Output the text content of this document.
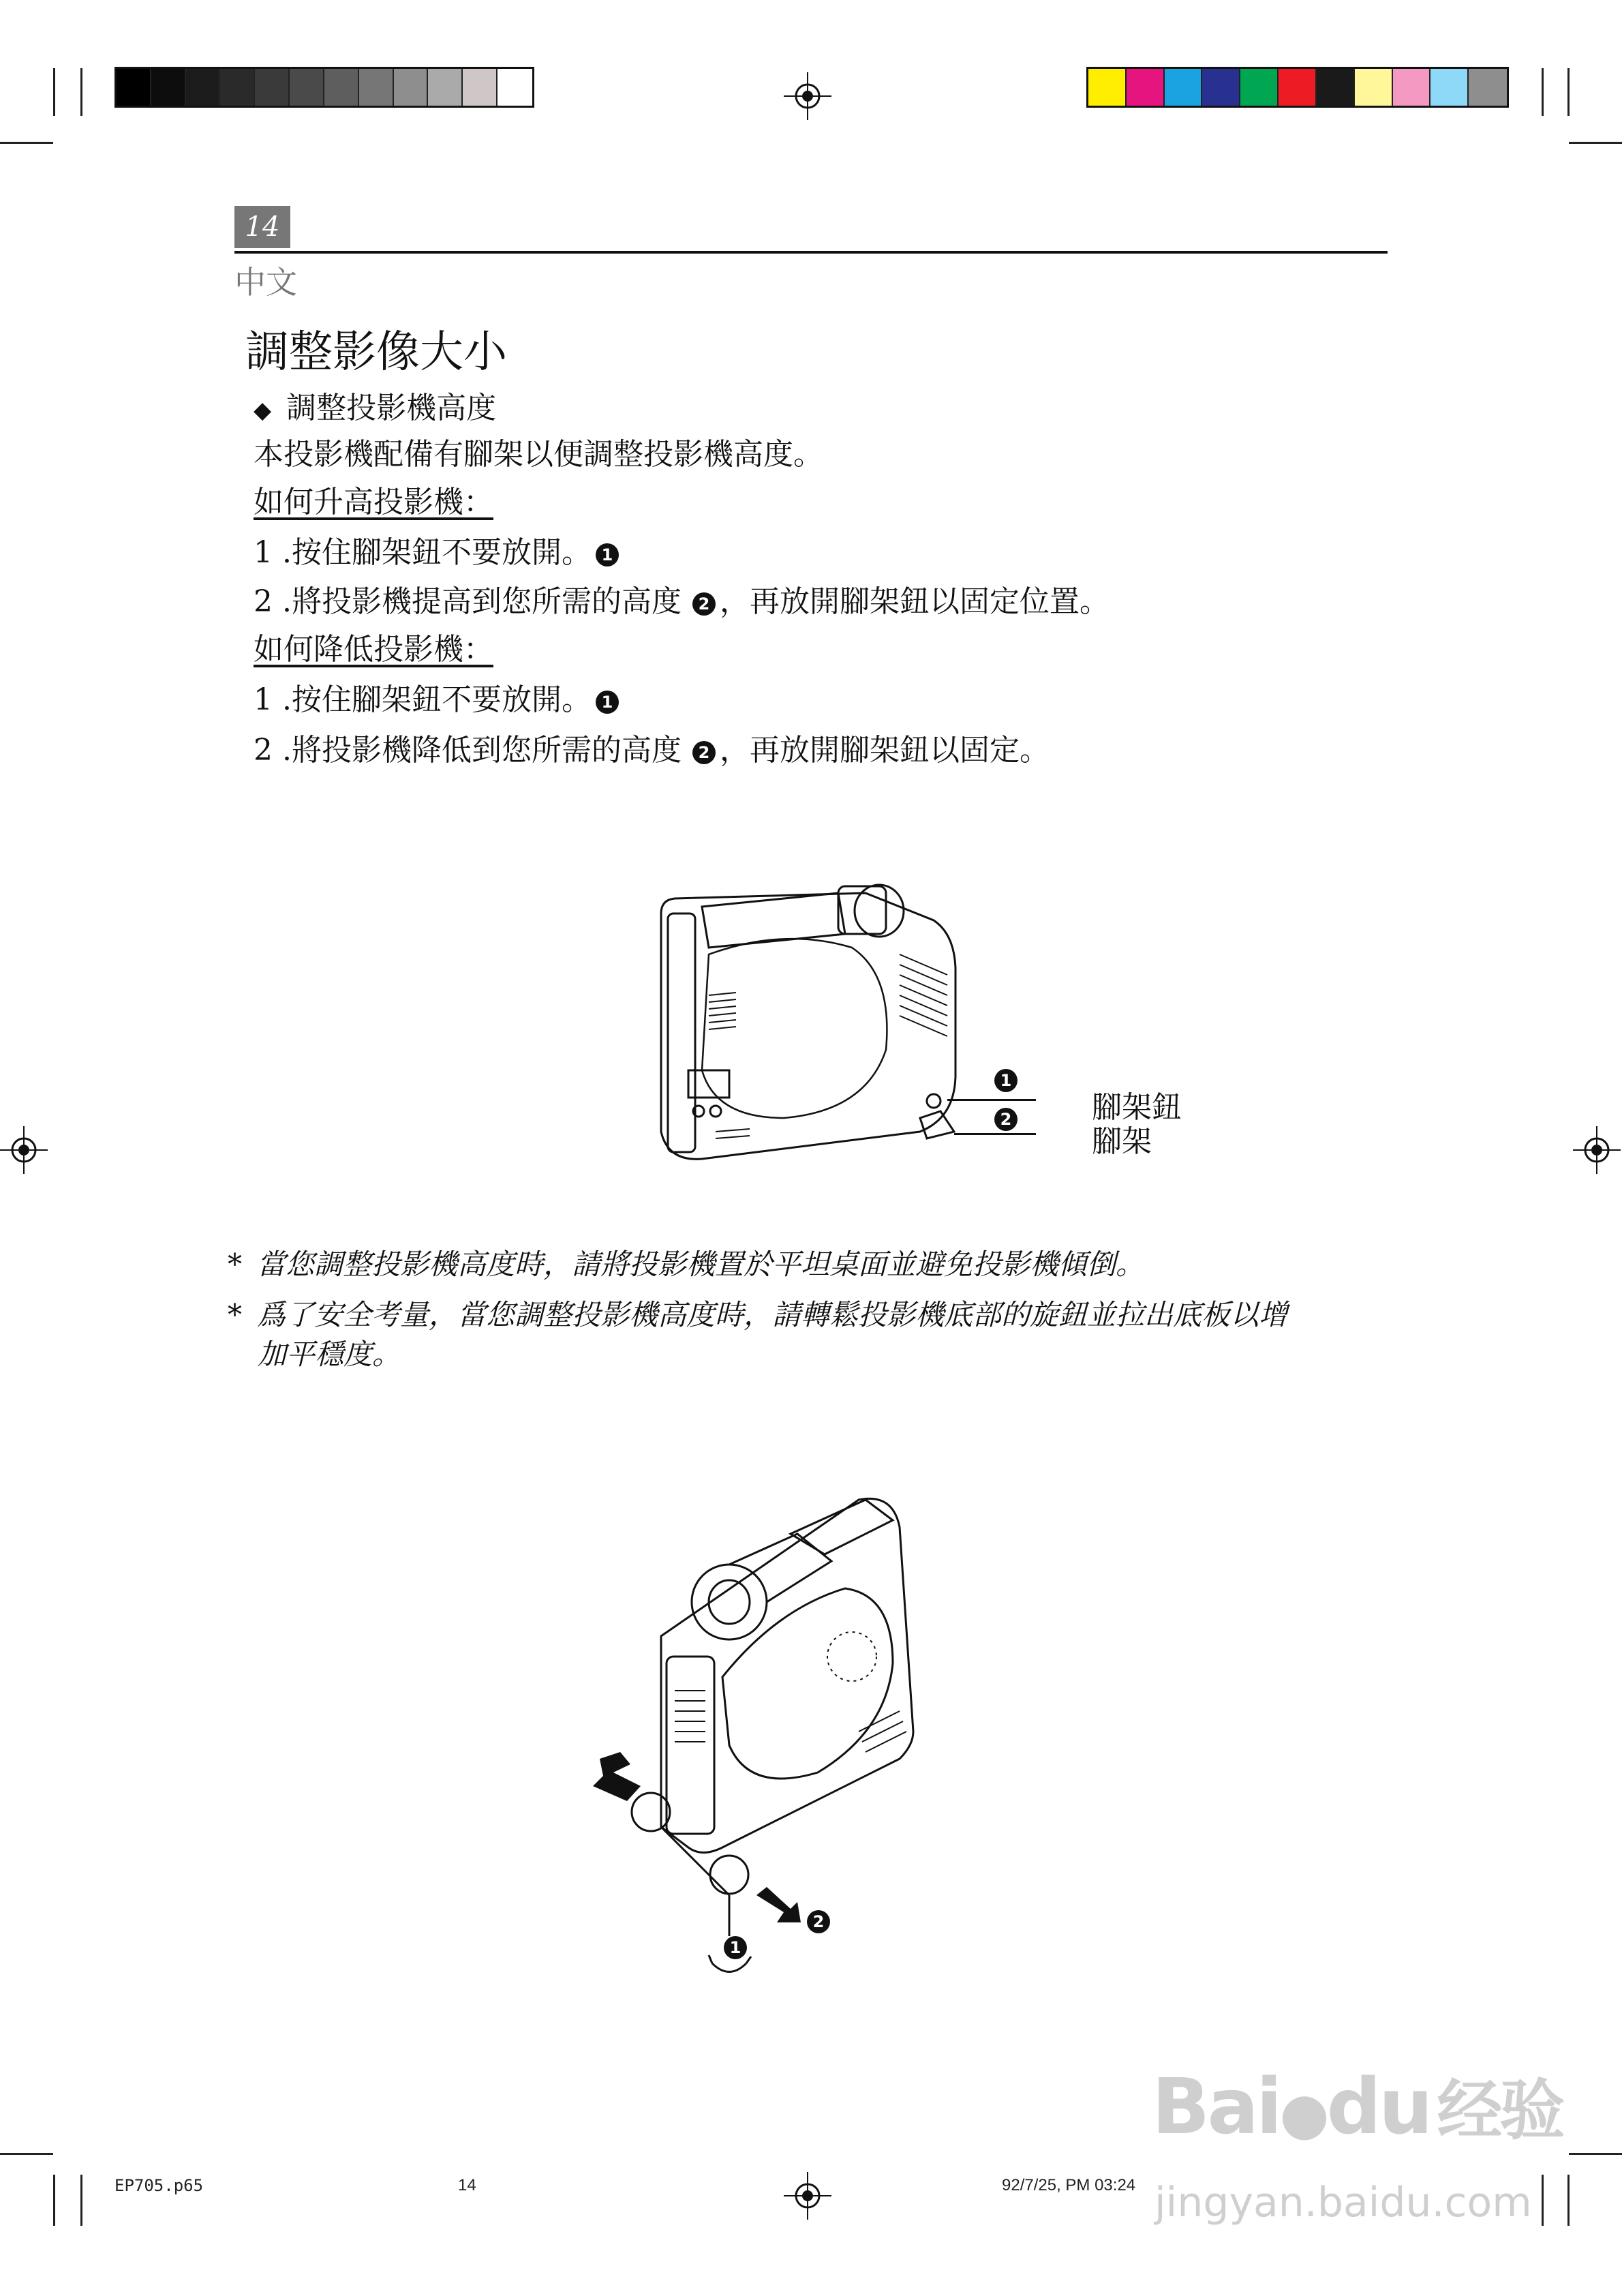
14
中文
調整影像大小
◆ 調整投影機高度
本投影機配備有腳架以便調整投影機高度。
如何升高投影機：
1 .按住腳架鈕不要放開。 1
2 .將投影機提高到您所需的高度 2 ，再放開腳架鈕以固定位置。
如何降低投影機：
1 .按住腳架鈕不要放開。 1
2 .將投影機降低到您所需的高度 2 ，再放開腳架鈕以固定。
1
2	腳架鈕
腳架
* 當您調整投影機高度時，請將投影機置於平坦桌面並避免投影機傾倒。
* 爲了安全考量，當您調整投影機高度時，請轉鬆投影機底部的旋鈕並拉出底板以增
加平穩度。
1
2
EP705.p65	14	92/7/25, PM 03:24
Bai●du 经验
jingyan.baidu.com
